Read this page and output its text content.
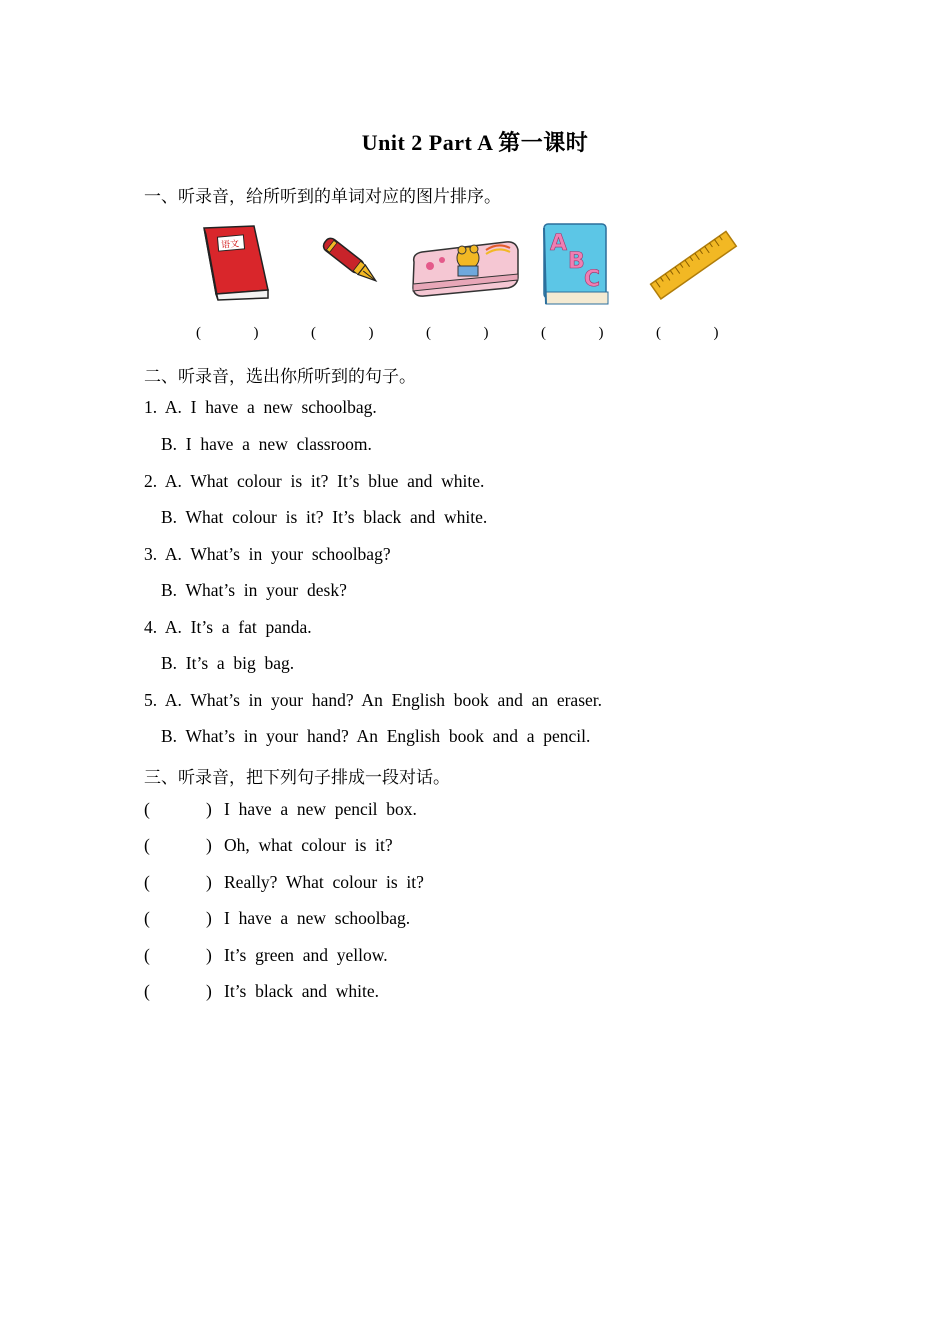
Unit 2 Part A 第一课时
一、听录音，给所听到的单词对应的图片排序。
语文	A
B
C
(              )	(              )	(              )	(              )	(              )
二、听录音，选出你所听到的句子。
1.  A.  I  have  a  new  schoolbag.
B.  I  have  a  new  classroom.
2.  A.  What  colour  is  it?  It’s  blue  and  white.
B.  What  colour  is  it?  It’s  black  and  white.
3.  A.  What’s  in  your  schoolbag?
B.  What’s  in  your  desk?
4.  A.  It’s  a  fat  panda.
B.  It’s  a  big  bag.
5.  A.  What’s  in  your  hand?  An  English  book  and  an  eraser.
B.  What’s  in  your  hand?  An  English  book  and  a  pencil.
三、听录音，把下列句子排成一段对话。
(	) I  have  a  new  pencil  box.
(	) Oh,  what  colour  is  it?
(	) Really?  What  colour  is  it?
(	) I  have  a  new  schoolbag.
(	) It’s  green  and  yellow.
(	) It’s  black  and  white.
